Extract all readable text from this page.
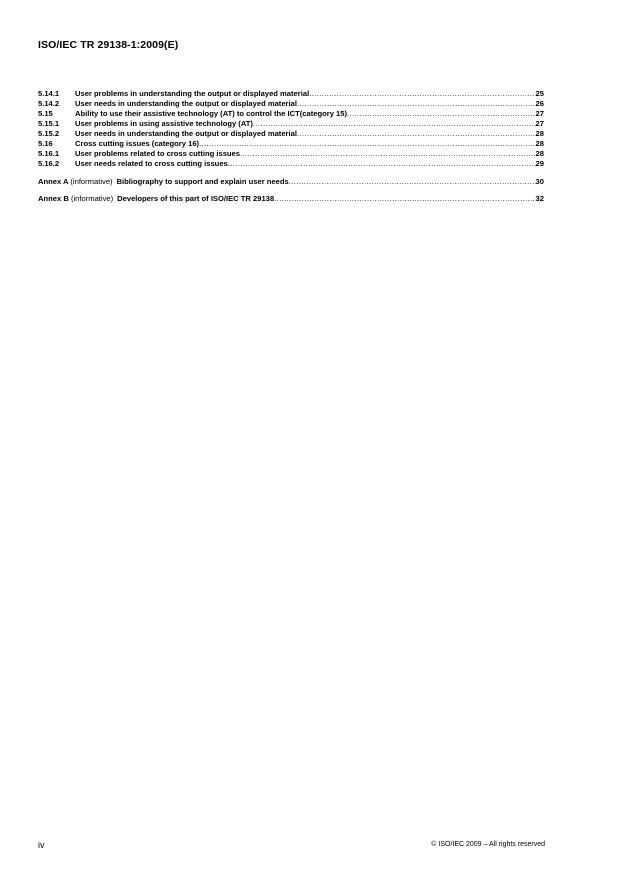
ISO/IEC TR 29138-1:2009(E)
5.14.1	User problems in understanding the output or displayed material .....	25
5.14.2	User needs in understanding the output or displayed material .....	26
5.15	Ability to use their assistive technology (AT) to control the ICT(category 15) .....	27
5.15.1	User problems in using assistive technology (AT) .....	27
5.15.2	User needs in understanding the output or displayed material .....	28
5.16	Cross cutting issues (category 16) .....	28
5.16.1	User problems related to cross cutting issues .....	28
5.16.2	User needs related to cross cutting issues .....	29
Annex A (informative) Bibliography to support and explain user needs .....	30
Annex B (informative) Developers of this part of ISO/IEC TR 29138 .....	32
iv	© ISO/IEC 2009 – All rights reserved
